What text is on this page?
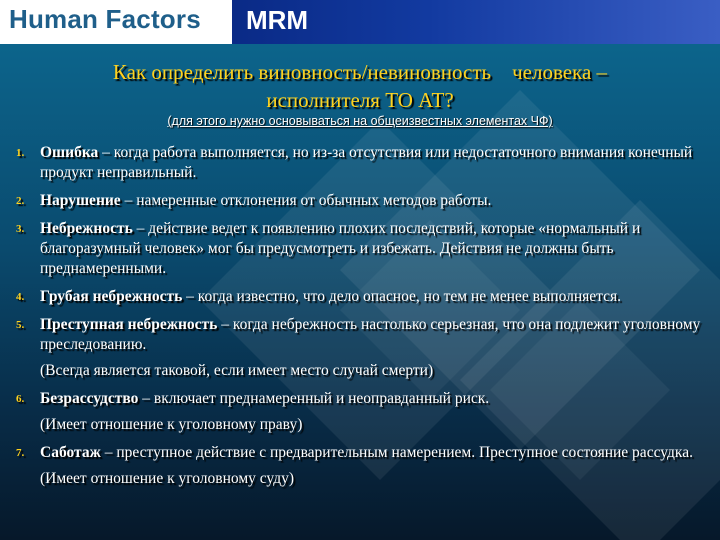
Human Factors MRM
Как определить виновность/невиновность    человека –
исполнителя ТО АТ?
(для этого нужно основываться на общеизвестных элементах ЧФ)
1. Ошибка – когда работа выполняется, но из-за отсутствия или недостаточного внимания конечный продукт неправильный.
2. Нарушение – намеренные отклонения от обычных методов работы.
3. Небрежность – действие ведет к появлению плохих последствий, которые «нормальный и благоразумный человек» мог бы предусмотреть и избежать. Действия не должны быть преднамеренными.
4. Грубая небрежность – когда известно, что дело опасное, но тем не менее выполняется.
5. Преступная небрежность – когда небрежность настолько серьезная, что она подлежит уголовному преследованию.
(Всегда является таковой, если имеет место случай смерти)
6. Безрассудство – включает преднамеренный и неоправданный риск.
(Имеет отношение к уголовному праву)
7. Саботаж – преступное действие с предварительным намерением. Преступное состояние рассудка.
(Имеет отношение к уголовному суду)
